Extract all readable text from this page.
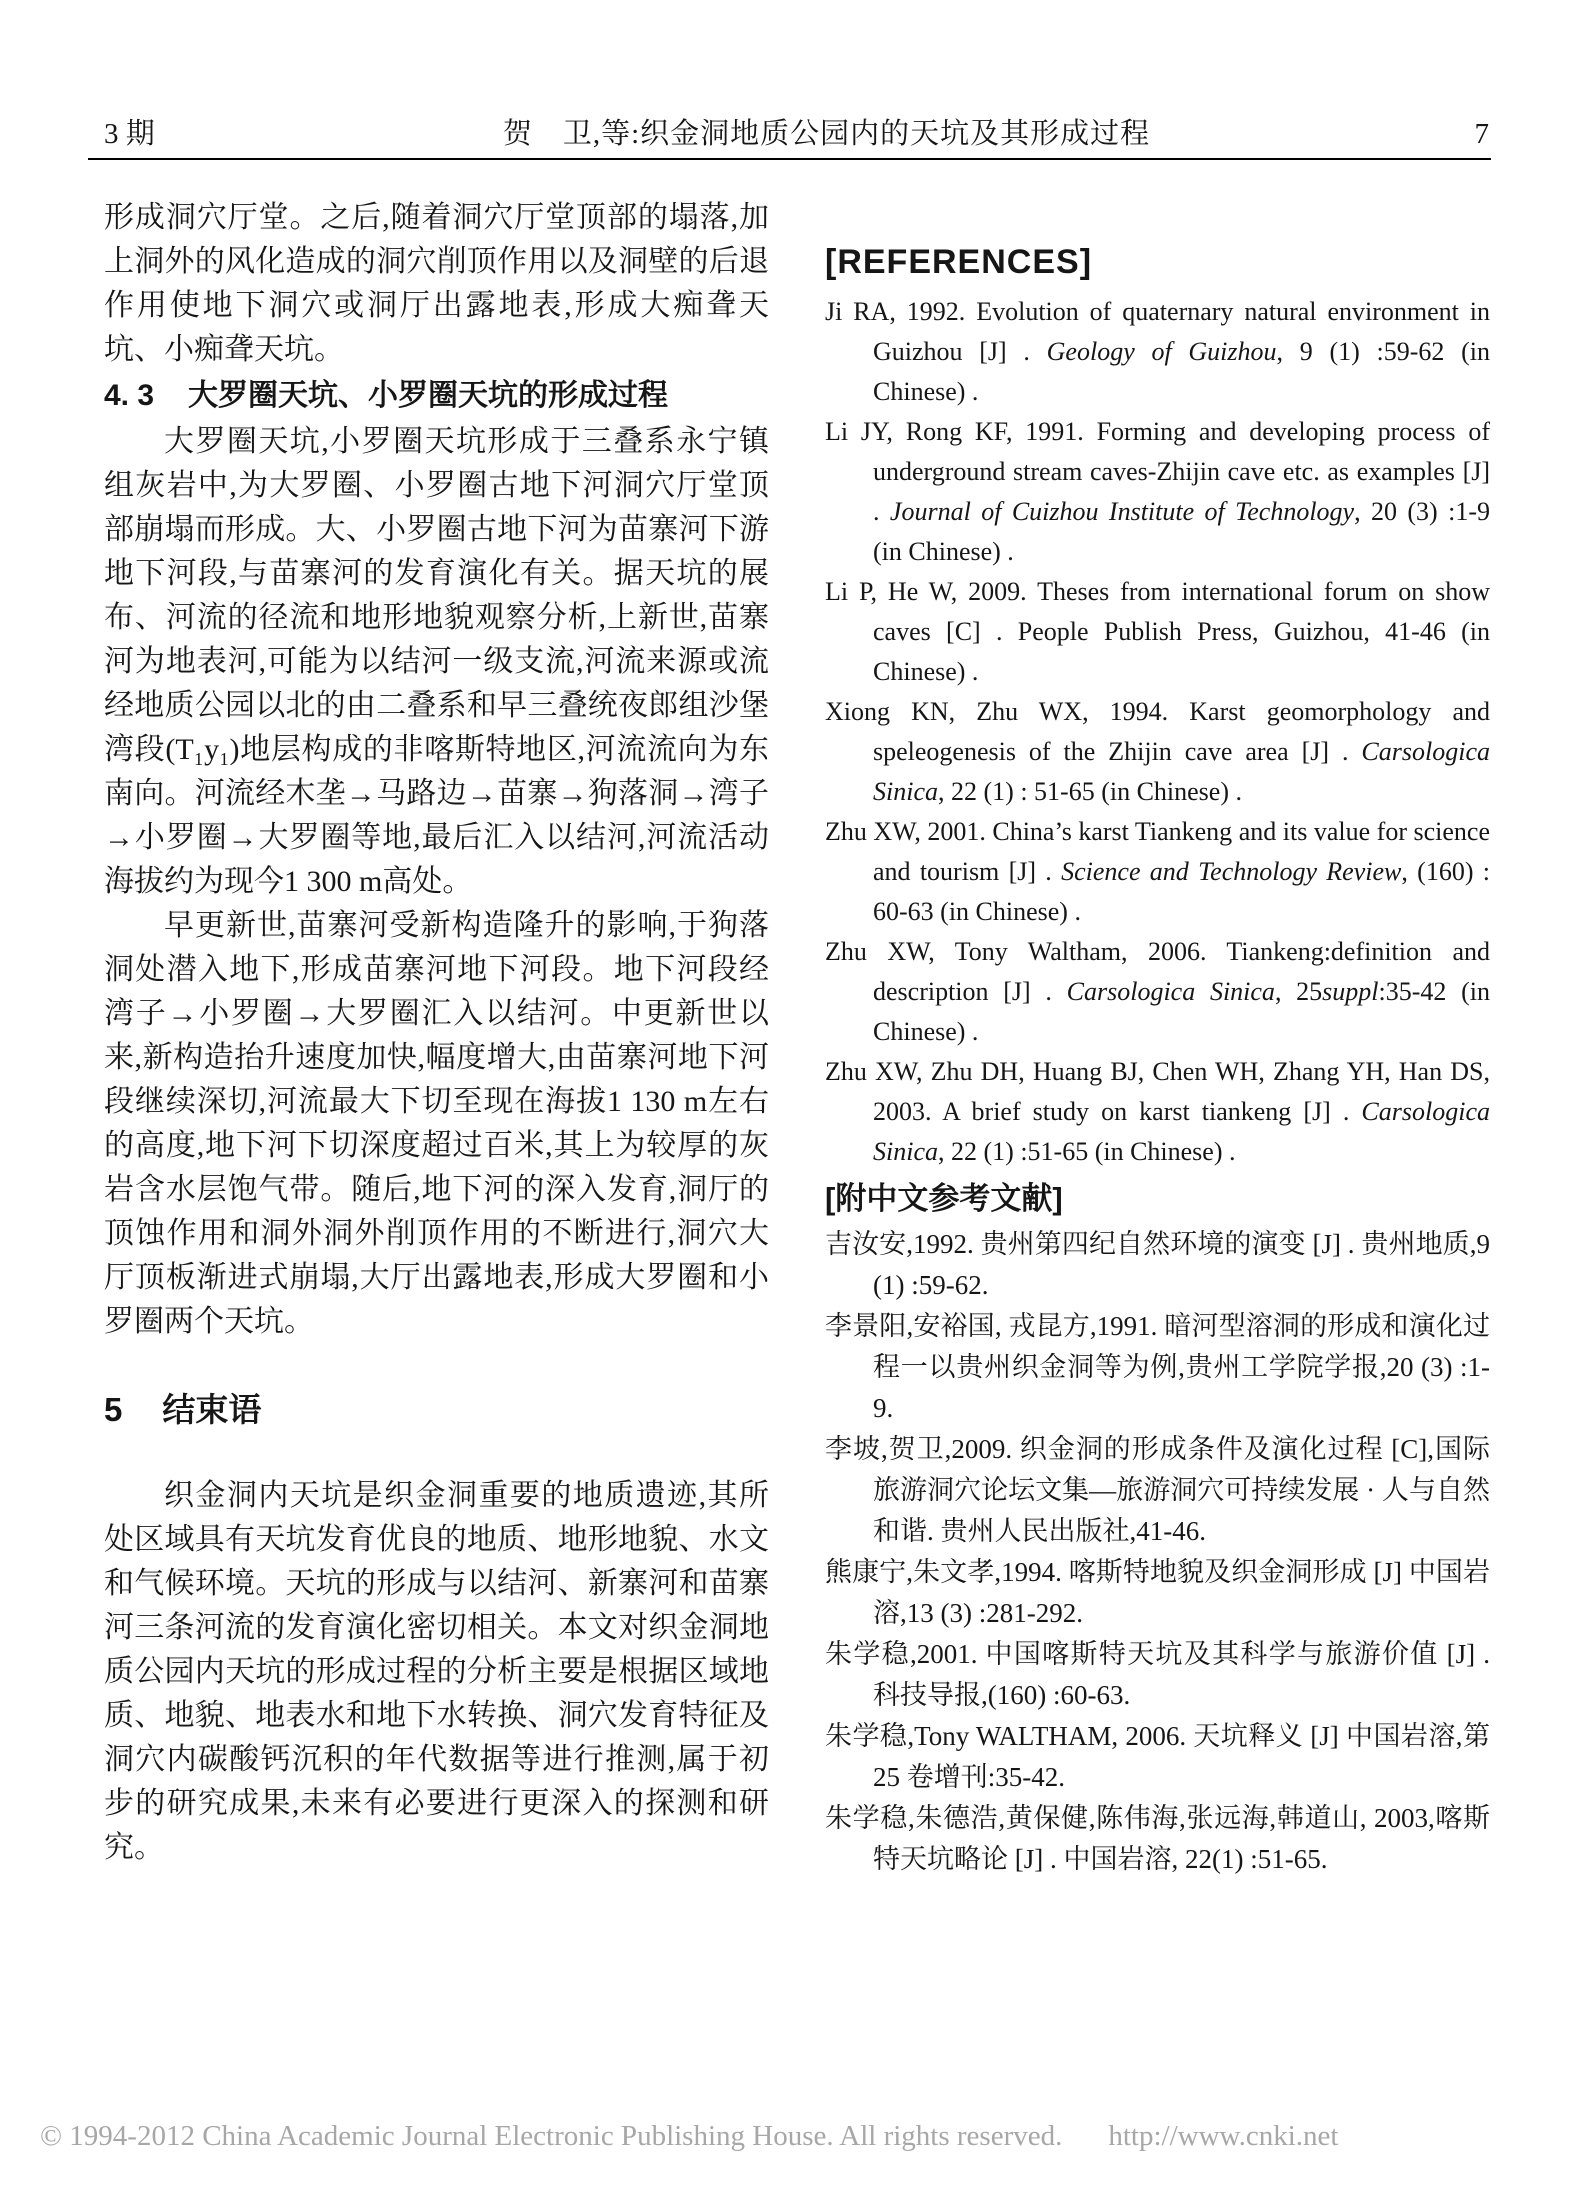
3 期	贺　卫,等:织金洞地质公园内的天坑及其形成过程	7

形成洞穴厅堂。之后,随着洞穴厅堂顶部的塌落,加上洞外的风化造成的洞穴削顶作用以及洞壁的后退作用使地下洞穴或洞厅出露地表,形成大痴聋天坑、小痴聋天坑。

4. 3 大罗圈天坑、小罗圈天坑的形成过程

大罗圈天坑,小罗圈天坑形成于三叠系永宁镇组灰岩中,为大罗圈、小罗圈古地下河洞穴厅堂顶部崩塌而形成。大、小罗圈古地下河为苗寨河下游地下河段,与苗寨河的发育演化有关。据天坑的展布、河流的径流和地形地貌观察分析,上新世,苗寨河为地表河,可能为以结河一级支流,河流来源或流经地质公园以北的由二叠系和早三叠统夜郎组沙堡湾段(T₁y₁)地层构成的非喀斯特地区,河流流向为东南向。河流经木垄→马路边→苗寨→狗落洞→湾子→小罗圈→大罗圈等地,最后汇入以结河,河流活动海拔约为现今1 300 m高处。

早更新世,苗寨河受新构造隆升的影响,于狗落洞处潜入地下,形成苗寨河地下河段。地下河段经湾子→小罗圈→大罗圈汇入以结河。中更新世以来,新构造抬升速度加快,幅度增大,由苗寨河地下河段继续深切,河流最大下切至现在海拔1 130 m左右的高度,地下河下切深度超过百米,其上为较厚的灰岩含水层饱气带。随后,地下河的深入发育,洞厅的顶蚀作用和洞外洞外削顶作用的不断进行,洞穴大厅顶板渐进式崩塌,大厅出露地表,形成大罗圈和小罗圈两个天坑。

5 结束语

织金洞内天坑是织金洞重要的地质遗迹,其所处区域具有天坑发育优良的地质、地形地貌、水文和气候环境。天坑的形成与以结河、新寨河和苗寨河三条河流的发育演化密切相关。本文对织金洞地质公园内天坑的形成过程的分析主要是根据区域地质、地貌、地表水和地下水转换、洞穴发育特征及洞穴内碳酸钙沉积的年代数据等进行推测,属于初步的研究成果,未来有必要进行更深入的探测和研究。

[REFERENCES]

Ji RA, 1992. Evolution of quaternary natural environment in Guizhou [J] . Geology of Guizhou, 9 (1) :59-62 (in Chinese) .

Li JY, Rong KF, 1991. Forming and developing process of underground stream caves-Zhijin cave etc. as examples [J] . Journal of Cuizhou Institute of Technology, 20 (3) :1-9 (in Chinese) .

Li P, He W, 2009. Theses from international forum on show caves [C] . People Publish Press, Guizhou, 41-46 (in Chinese) .

Xiong KN, Zhu WX, 1994. Karst geomorphology and speleogenesis of the Zhijin cave area [J] . Carsologica Sinica, 22 (1) : 51-65 (in Chinese) .

Zhu XW, 2001. China’s karst Tiankeng and its value for science and tourism [J] . Science and Technology Review, (160) : 60-63 (in Chinese) .

Zhu XW, Tony Waltham, 2006. Tiankeng:definition and description [J] . Carsologica Sinica, 25suppl:35-42 (in Chinese) .

Zhu XW, Zhu DH, Huang BJ, Chen WH, Zhang YH, Han DS, 2003. A brief study on karst tiankeng [J] . Carsologica Sinica, 22 (1) :51-65 (in Chinese) .

[附中文参考文献]

吉汝安,1992. 贵州第四纪自然环境的演变 [J] . 贵州地质,9 (1) :59-62.

李景阳,安裕国, 戎昆方,1991. 暗河型溶洞的形成和演化过程一以贵州织金洞等为例,贵州工学院学报,20 (3) :1-9.

李坡,贺卫,2009. 织金洞的形成条件及演化过程 [C],国际旅游洞穴论坛文集—旅游洞穴可持续发展 · 人与自然和谐. 贵州人民出版社,41-46.

熊康宁,朱文孝,1994. 喀斯特地貌及织金洞形成 [J] 中国岩溶,13 (3) :281-292.

朱学稳,2001. 中国喀斯特天坑及其科学与旅游价值 [J] . 科技导报,(160) :60-63.

朱学稳,Tony WALTHAM, 2006. 天坑释义 [J] 中国岩溶,第 25 卷增刊:35-42.

朱学稳,朱德浩,黄保健,陈伟海,张远海,韩道山, 2003,喀斯特天坑略论 [J] . 中国岩溶, 22(1) :51-65.

© 1994-2012 China Academic Journal Electronic Publishing House. All rights reserved. http://www.cnki.net
